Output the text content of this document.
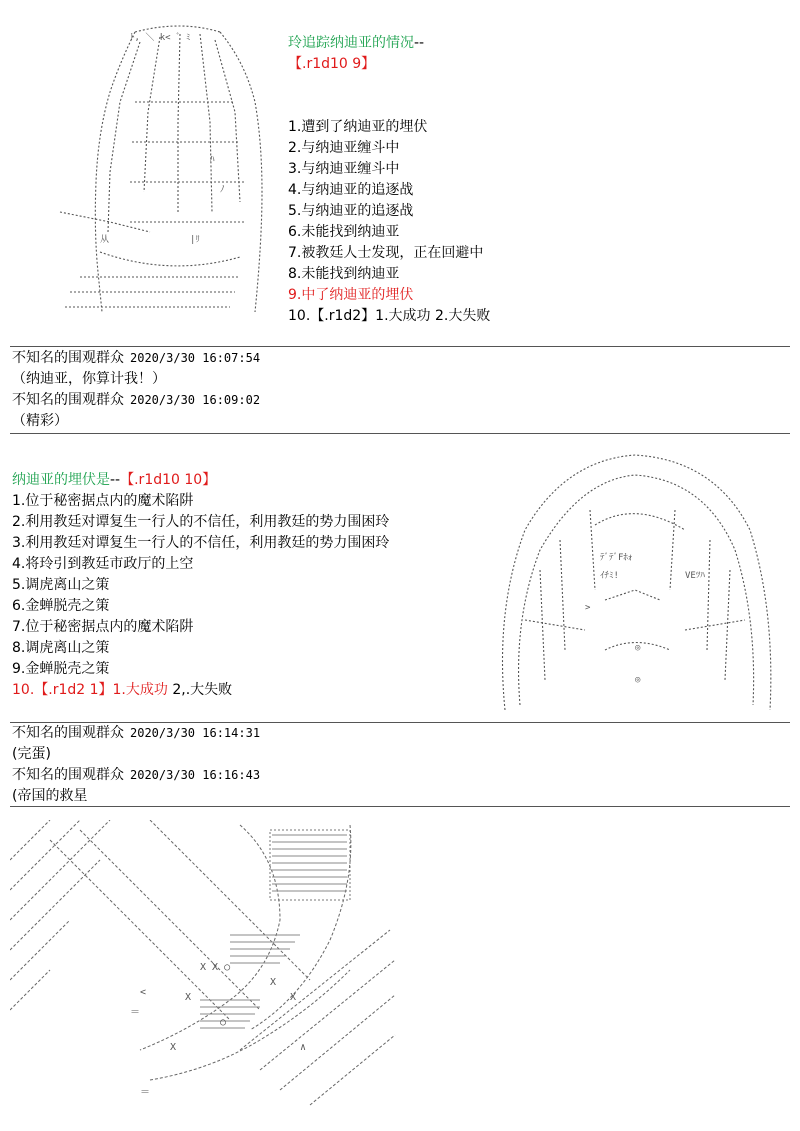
ﾄ, ＼ k< ﾞ ﾐ
ﾊ
ﾉ
从	|ﾘ
玲追踪纳迪亚的情况--
【.r1d10 9】
1.遭到了纳迪亚的埋伏
2.与纳迪亚缠斗中
3.与纳迪亚缠斗中
4.与纳迪亚的追逐战
5.与纳迪亚的追逐战
6.未能找到纳迪亚
7.被教廷人士发现，正在回避中
8.未能找到纳迪亚
9.中了纳迪亚的埋伏
10.【.r1d2】1.大成功 2.大失败
不知名的围观群众 2020/3/30 16:07:54
（纳迪亚，你算计我！）
不知名的围观群众 2020/3/30 16:09:02
（精彩）
纳迪亚的埋伏是--【.r1d10 10】
1.位于秘密据点内的魔术陷阱
2.利用教廷对谭复生一行人的不信任，利用教廷的势力围困玲
3.利用教廷对谭复生一行人的不信任，利用教廷的势力围困玲
4.将玲引到教廷市政厅的上空
5.调虎离山之策
6.金蝉脱壳之策
7.位于秘密据点内的魔术陷阱
8.调虎离山之策
9.金蝉脱壳之策
10.【.r1d2 1】1.大成功 2,.大失败
ﾃﾞﾃﾞFﾎｫ
ｲﾁﾐ!	VEﾂﾊ
>
◎
◎
不知名的围观群众 2020/3/30 16:14:31
(完蛋)
不知名的围观群众 2020/3/30 16:16:43
(帝国的救星
X X ○
X
X	X
<
＝
○
X	∧
＝
